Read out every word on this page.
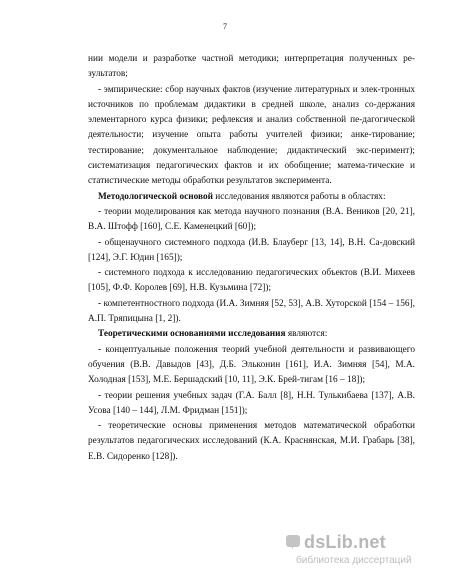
7

нии модели и разработке частной методики; интерпретация полученных ре-зультатов;

- эмпирические: сбор научных фактов (изучение литературных и элек-тронных источников по проблемам дидактики в средней школе, анализ со-держания элементарного курса физики; рефлексия и анализ собственной пе-дагогической деятельности; изучение опыта работы учителей физики; анке-тирование; тестирование; документальное наблюдение; дидактический экс-перимент); систематизация педагогических фактов и их обобщение; матема-тические и статистические методы обработки результатов эксперимента.

Методологической основой исследования являются работы в областях:

- теории моделирования как метода научного познания (В.А. Веников [20, 21], В.А. Штофф [160], С.Е. Каменецкий [60]);

- общенаучного системного подхода (И.В. Блауберг [13, 14], В.Н. Са-довский [124], Э.Г. Юдин [165]);

- системного подхода к исследованию педагогических объектов (В.И. Михеев [105], Ф.Ф. Королев [69], Н.В. Кузьмина [72]);

- компетентностного подхода (И.А. Зимняя [52, 53], А.В. Хуторской [154 – 156], А.П. Тряпицына [1, 2]).

Теоретическими основаниями исследования являются:

- концептуальные положения теорий учебной деятельности и развивающего обучения (В.В. Давыдов [43], Д.Б. Эльконин [161], И.А. Зимняя [54], М.А. Холодная [153], М.Е. Бершадский [10, 11], Э.К. Брей-тигам [16 – 18]);

- теории решения учебных задач (Г.А. Балл [8], Н.Н. Тулькибаева [137], А.В. Усова [140 – 144], Л.М. Фридман [151]);

- теоретические основы применения методов математической обработки результатов педагогических исследований (К.А. Краснянская, М.И. Грабарь [38], Е.В. Сидоренко [128]).

dsLib.net
библиотека диссертаций
